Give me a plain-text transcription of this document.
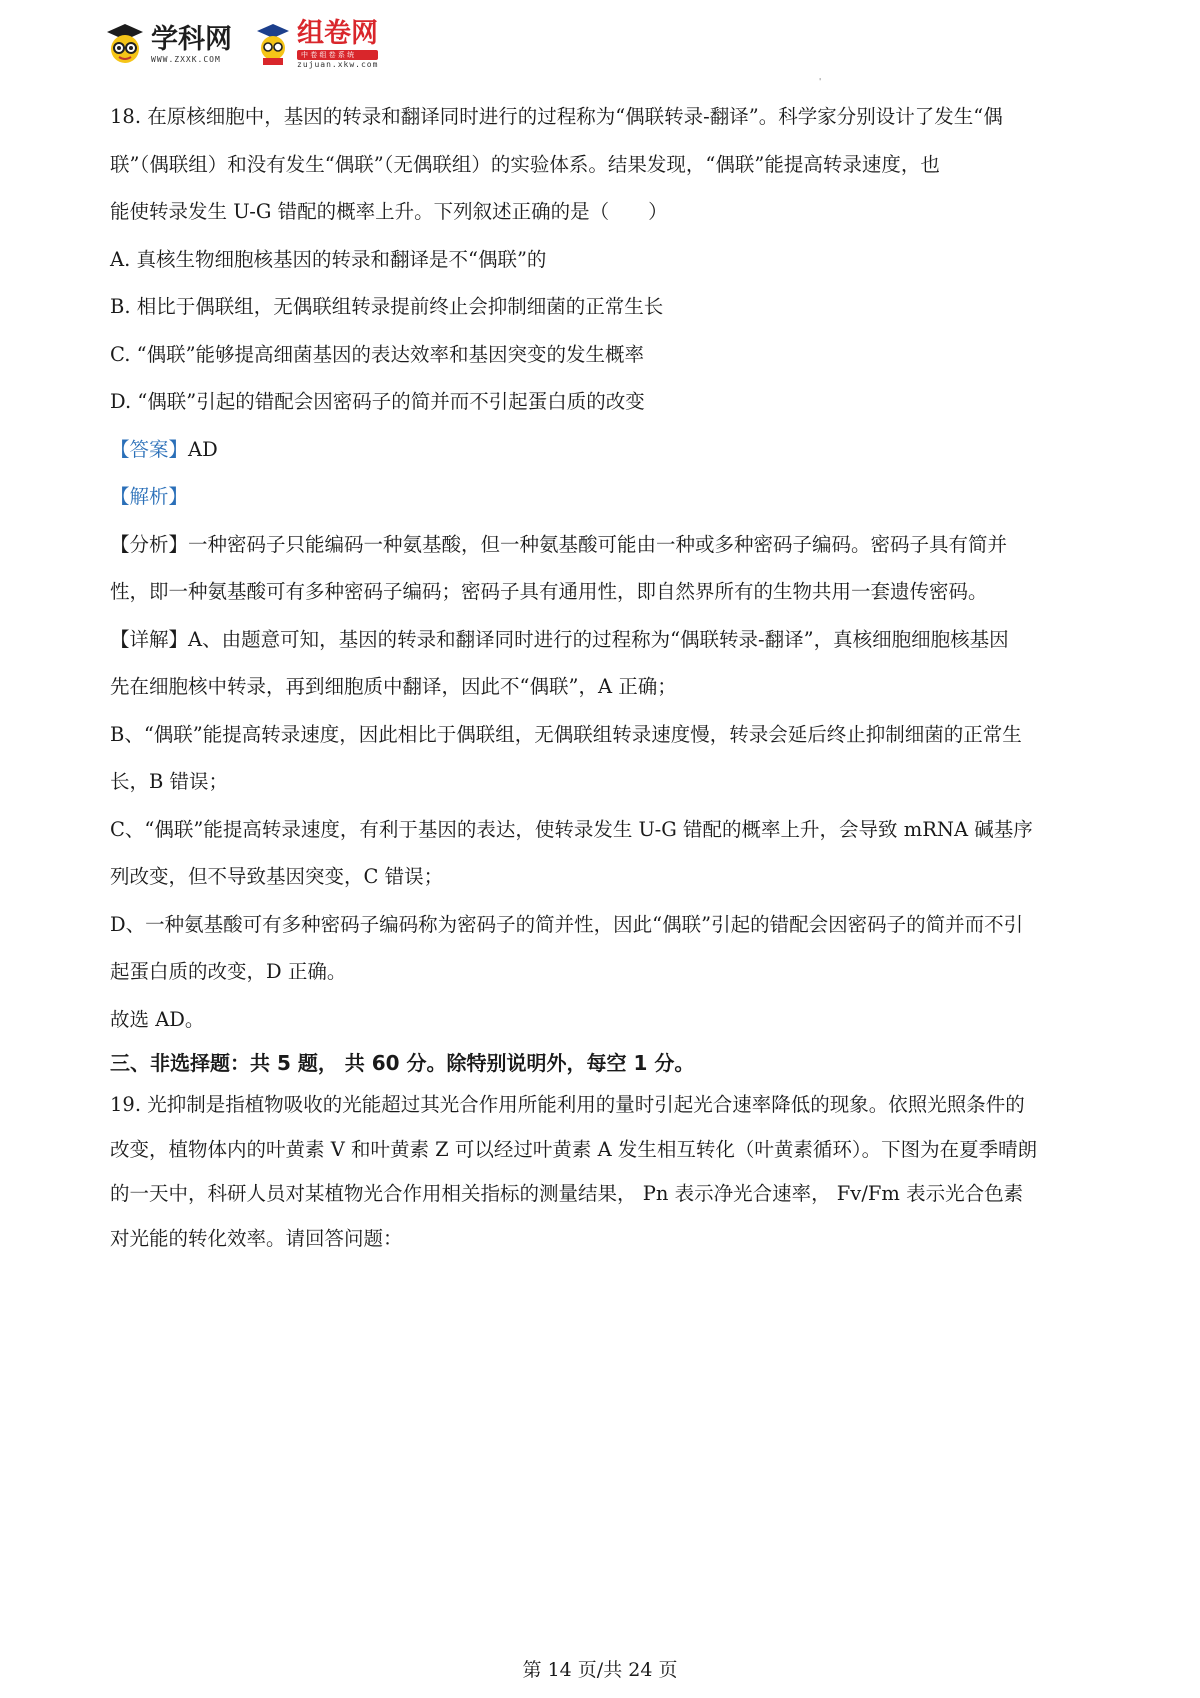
学科网
WWW.ZXXK.COM
组卷网
中 卷 组 卷 系 统
zujuan.xkw.com
'

18. 在原核细胞中，基因的转录和翻译同时进行的过程称为“偶联转录-翻译”。科学家分别设计了发生“偶

联”（偶联组）和没有发生“偶联”（无偶联组）的实验体系。结果发现，“偶联”能提高转录速度，也

能使转录发生 U-G 错配的概率上升。下列叙述正确的是（　　）

A. 真核生物细胞核基因的转录和翻译是不“偶联”的

B. 相比于偶联组，无偶联组转录提前终止会抑制细菌的正常生长

C. “偶联”能够提高细菌基因的表达效率和基因突变的发生概率

D. “偶联”引起的错配会因密码子的简并而不引起蛋白质的改变

【答案】AD

【解析】

【分析】一种密码子只能编码一种氨基酸，但一种氨基酸可能由一种或多种密码子编码。密码子具有简并

性，即一种氨基酸可有多种密码子编码；密码子具有通用性，即自然界所有的生物共用一套遗传密码。

【详解】A、由题意可知，基因的转录和翻译同时进行的过程称为“偶联转录-翻译”，真核细胞细胞核基因

先在细胞核中转录，再到细胞质中翻译，因此不“偶联”，A 正确；

B、“偶联”能提高转录速度，因此相比于偶联组，无偶联组转录速度慢，转录会延后终止抑制细菌的正常生

长，B 错误；

C、“偶联”能提高转录速度，有利于基因的表达，使转录发生 U-G 错配的概率上升，会导致 mRNA 碱基序

列改变，但不导致基因突变，C 错误；

D、一种氨基酸可有多种密码子编码称为密码子的简并性，因此“偶联”引起的错配会因密码子的简并而不引

起蛋白质的改变，D 正确。

故选 AD。

三、非选择题：共 5 题， 共 60 分。除特别说明外，每空 1 分。

19. 光抑制是指植物吸收的光能超过其光合作用所能利用的量时引起光合速率降低的现象。依照光照条件的

改变，植物体内的叶黄素 V 和叶黄素 Z 可以经过叶黄素 A 发生相互转化（叶黄素循环）。下图为在夏季晴朗

的一天中，科研人员对某植物光合作用相关指标的测量结果， Pn 表示净光合速率， Fv/Fm 表示光合色素

对光能的转化效率。请回答问题：

第 14 页/共 24 页
